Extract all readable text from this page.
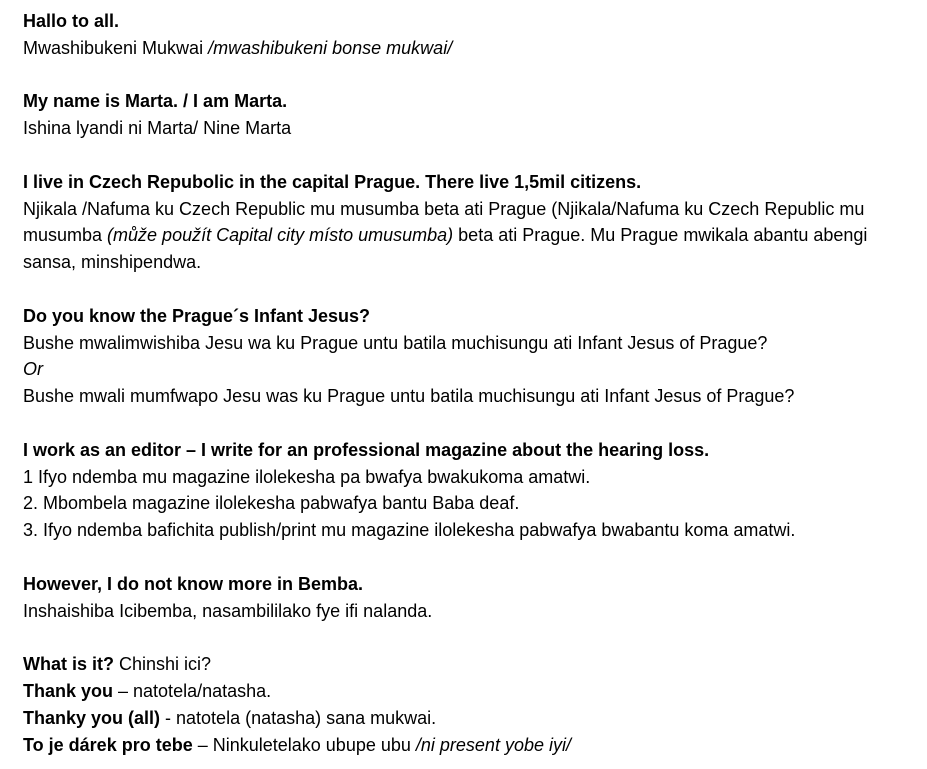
Hallo to all.
Mwashibukeni Mukwai /mwashibukeni bonse mukwai/
My name is Marta. / I am Marta.
Ishina lyandi ni Marta/ Nine Marta
I live in Czech Repubolic in the capital Prague. There live 1,5mil citizens.
Njikala /Nafuma ku Czech Republic mu musumba beta ati Prague (Njikala/Nafuma ku Czech Republic mu musumba (může použít Capital city místo umusumba) beta ati Prague. Mu Prague mwikala abantu abengi sansa, minshipendwa.
Do you know the Prague´s Infant Jesus?
Bushe mwalimwishiba Jesu wa ku Prague untu batila muchisungu ati Infant Jesus of Prague?
Or
Bushe mwali mumfwapo Jesu was ku Prague untu batila muchisungu ati Infant Jesus of Prague?
I work as an editor – I write for an professional magazine about the hearing loss.
1 Ifyo ndemba mu magazine ilolekesha pa bwafya bwakukoma amatwi.
2. Mbombela magazine ilolekesha pabwafya bantu Baba deaf.
3. Ifyo ndemba bafichita publish/print mu magazine ilolekesha pabwafya bwabantu koma amatwi.
However, I do not know more in Bemba.
Inshaishiba Icibemba, nasambililako fye ifi nalanda.
What is it? Chinshi ici?
Thank you – natotela/natasha.
Thanky you (all) - natotela (natasha) sana mukwai.
To je dárek pro tebe – Ninkuletelako ubupe ubu /ni present yobe iyi/
